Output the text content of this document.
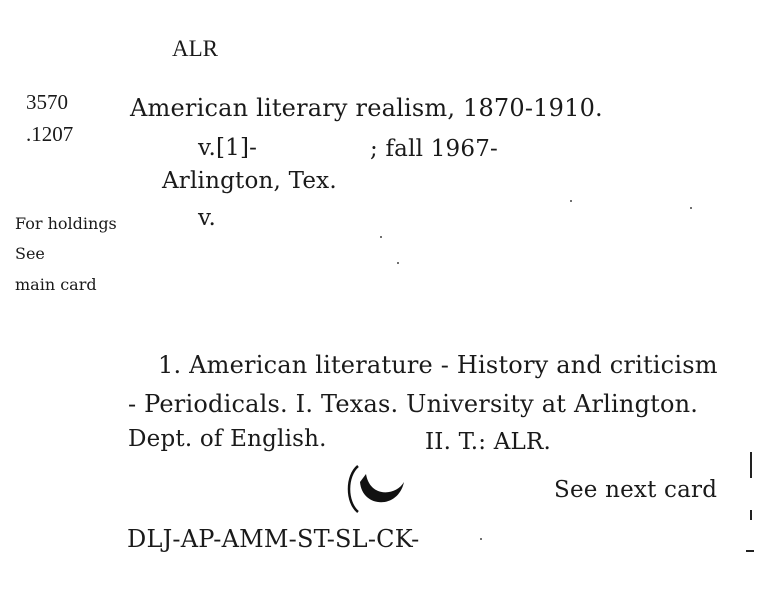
ALR
3570
.1207
American literary realism, 1870-1910.
v.[1]-	; fall 1967-
Arlington, Tex.
v.
For holdings
See
main card
1. American literature - History and criticism
- Periodicals. I. Texas. University at Arlington.
Dept. of English.	II. T.: ALR.
See next card
DLJ-AP-AMM-ST-SL-CK-
